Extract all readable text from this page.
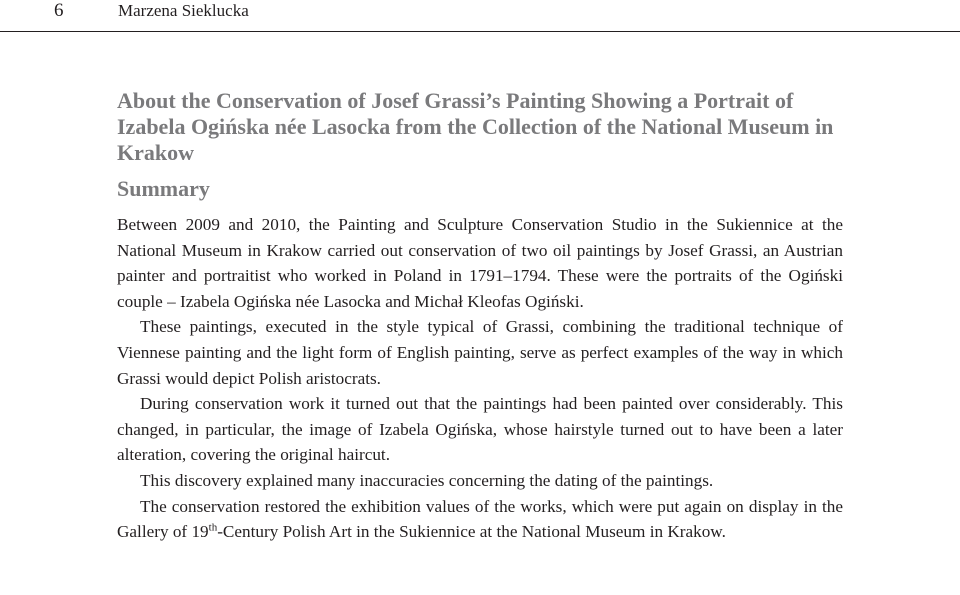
6	Marzena Sieklucka
About the Conservation of Josef Grassi’s Painting Showing a Portrait of Izabela Ogińska née Lasocka from the Collection of the National Museum in Krakow
Summary

Between 2009 and 2010, the Painting and Sculpture Conservation Studio in the Sukiennice at the National Museum in Krakow carried out conservation of two oil paintings by Josef Grassi, an Austrian painter and portraitist who worked in Poland in 1791–1794. These were the portraits of the Ogiński couple – Izabela Ogińska née Lasocka and Michał Kleofas Ogiński.

These paintings, executed in the style typical of Grassi, combining the traditional technique of Viennese painting and the light form of English painting, serve as perfect examples of the way in which Grassi would depict Polish aristocrats.

During conservation work it turned out that the paintings had been painted over considerably. This changed, in particular, the image of Izabela Ogińska, whose hairstyle turned out to have been a later alteration, covering the original haircut.

This discovery explained many inaccuracies concerning the dating of the paintings.

The conservation restored the exhibition values of the works, which were put again on display in the Gallery of 19th-Century Polish Art in the Sukiennice at the National Museum in Krakow.
